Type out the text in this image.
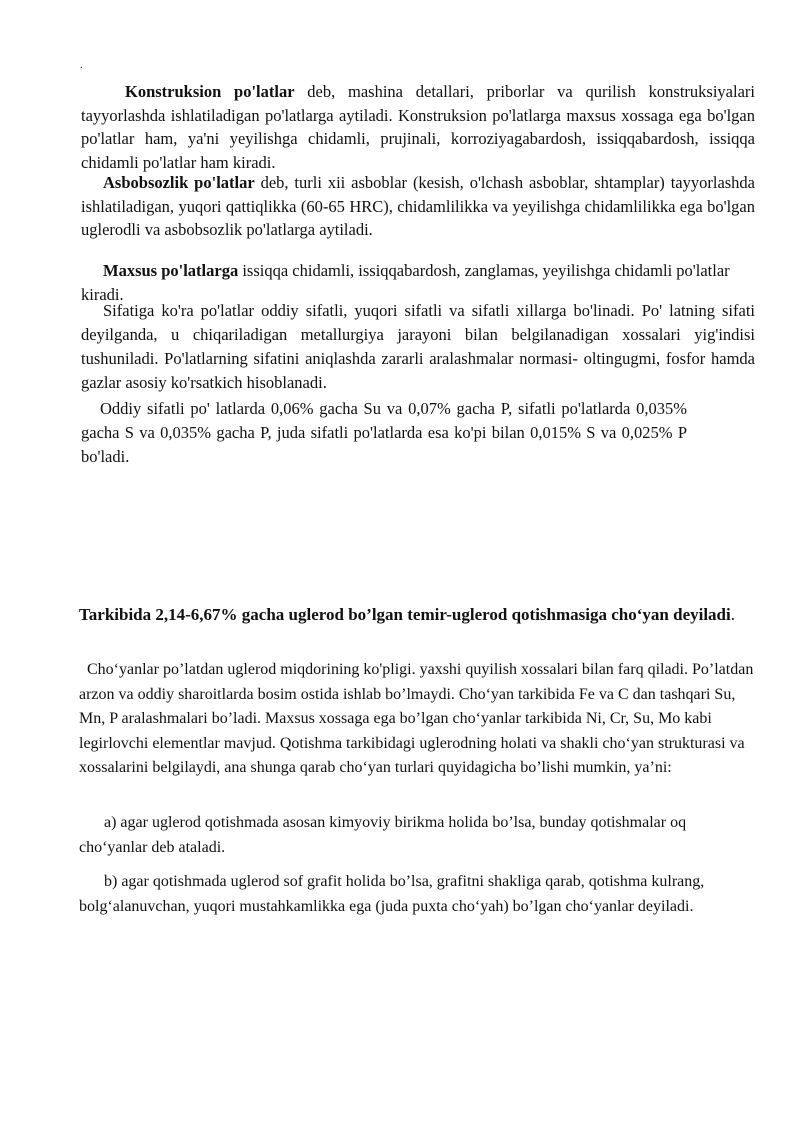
.

Konstruksion po'latlar deb, mashina detallari, priborlar va qurilish konstruksiyalari tayyorlashda ishlatiladigan po'latlarga aytiladi. Konstruksion po'latlarga maxsus xossaga ega bo'lgan po'latlar ham, ya'ni yeyilishga chidamli, prujinali, korroziyagabardosh, issiqqabardosh, issiqqa chidamli po'latlar ham kiradi.

Asbobsozlik po'latlar deb, turli xii asboblar (kesish, o'lchash asboblar, shtamplar) tayyorlashda ishlatiladigan, yuqori qattiqlikka (60-65 HRC), chidamlilikka va yeyilishga chidamlilikka ega bo'lgan uglerodli va asbobsozlik po'latlarga aytiladi.

Maxsus po'latlarga issiqqa chidamli, issiqqabardosh, zanglamas, yeyilishga chidamli po'latlar kiradi.

Sifatiga ko'ra po'latlar oddiy sifatli, yuqori sifatli va sifatli xillarga bo'linadi. Po' latning sifati deyilganda, u chiqariladigan metallurgiya jarayoni bilan belgilanadigan xossalari yig'indisi tushuniladi. Po'latlarning sifatini aniqlashda zararli aralashmalar normasi- oltingugmi, fosfor hamda gazlar asosiy ko'rsatkich hisoblanadi.

Oddiy sifatli po' latlarda 0,06% gacha Su va 0,07% gacha P, sifatli po'latlarda 0,035% gacha S va 0,035% gacha P, juda sifatli po'latlarda esa ko'pi bilan 0,015% S va 0,025% P bo'ladi.

Tarkibida 2,14-6,67% gacha uglerod bo’lgan temir-uglerod qotishmasiga cho‘yan deyiladi.

Cho‘yanlar po’latdan uglerod miqdorining ko'pligi. yaxshi quyilish xossalari bilan farq qiladi. Po’latdan arzon va oddiy sharoitlarda bosim ostida ishlab bo’lmaydi. Cho‘yan tarkibida Fe va C dan tashqari Su, Mn, P aralashmalari bo’ladi. Maxsus xossaga ega bo’lgan cho‘yanlar tarkibida Ni, Cr, Su, Mo kabi legirlovchi elementlar mavjud. Qotishma tarkibidagi uglerodning holati va shakli cho‘yan strukturasi va xossalarini belgilaydi, ana shunga qarab cho‘yan turlari quyidagicha bo’lishi mumkin, ya’ni:

a) agar uglerod qotishmada asosan kimyoviy birikma holida bo’lsa, bunday qotishmalar oq cho‘yanlar deb ataladi.

b) agar qotishmada uglerod sof grafit holida bo’lsa, grafitni shakliga qarab, qotishma kulrang, bolg‘alanuvchan, yuqori mustahkamlikka ega (juda puxta cho‘yah) bo’lgan cho‘yanlar deyiladi.
